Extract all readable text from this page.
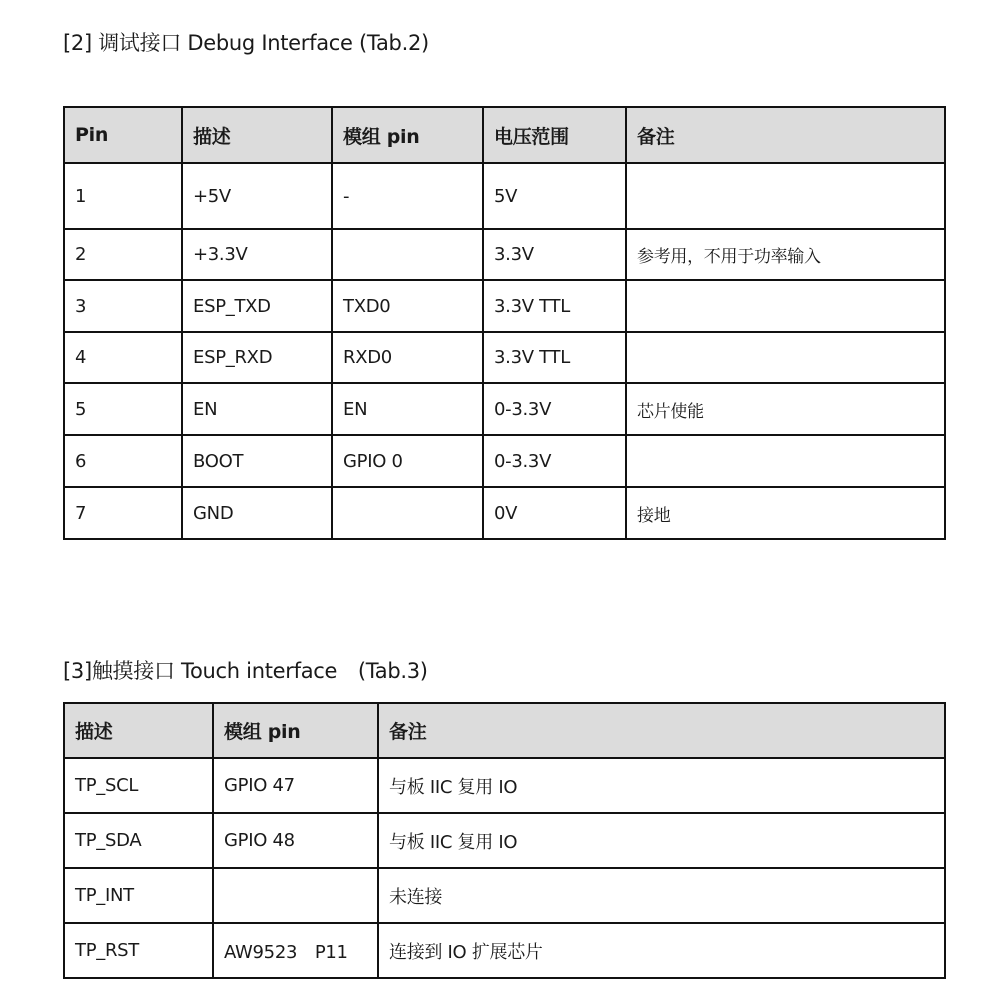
[2] 调试接口 Debug Interface (Tab.2)
Pin	描述	模组 pin	电压范围	备注
1	+5V	-	5V	
2	+3.3V		3.3V	参考用，不用于功率输入
3	ESP_TXD	TXD0	3.3V TTL	
4	ESP_RXD	RXD0	3.3V TTL	
5	EN	EN	0-3.3V	芯片使能
6	BOOT	GPIO 0	0-3.3V	
7	GND		0V	接地
[3]触摸接口 Touch interface　(Tab.3)
描述	模组 pin	备注
TP_SCL	GPIO 47	与板 IIC 复用 IO
TP_SDA	GPIO 48	与板 IIC 复用 IO
TP_INT		未连接
TP_RST	AW9523　P11	连接到 IO 扩展芯片
